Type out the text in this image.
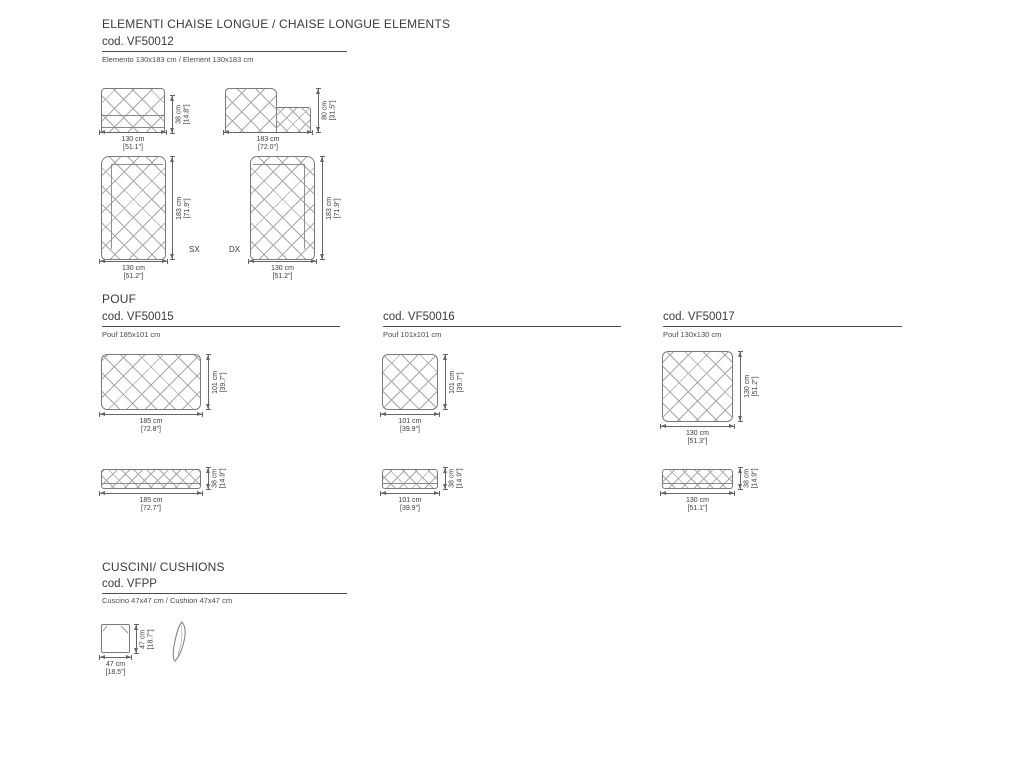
ELEMENTI CHAISE LONGUE / CHAISE LONGUE ELEMENTS
cod. VF50012
Elemento 130x183 cm / Element 130x183 cm
130 cm
[51.1"]
38 cm [14.8"]
183 cm
[72.0"]
80 cm [31.5"]
183 cm [71.9"]
130 cm
[51.2"]
SX	DX
183 cm [71.9"]
130 cm
[51.2"]
POUF
cod. VF50015
Pouf 185x101 cm
185 cm
[72.8"]
101 cm [39.7"]
185 cm
[72.7"]
38 cm [14.9"]
cod. VF50016
Pouf 101x101 cm
101 cm
[39.9"]
101 cm [39.7"]
101 cm
[39.9"]
38 cm [14.9"]
cod. VF50017
Pouf 130x130 cm
130 cm
[51.3"]
130 cm [51.2"]
130 cm
[51.1"]
38 cm [14.9"]
CUSCINI/ CUSHIONS
cod. VFPP
Cuscino 47x47 cm / Cushion 47x47 cm
47 cm
[18.5"]
47 cm [18.7"]
